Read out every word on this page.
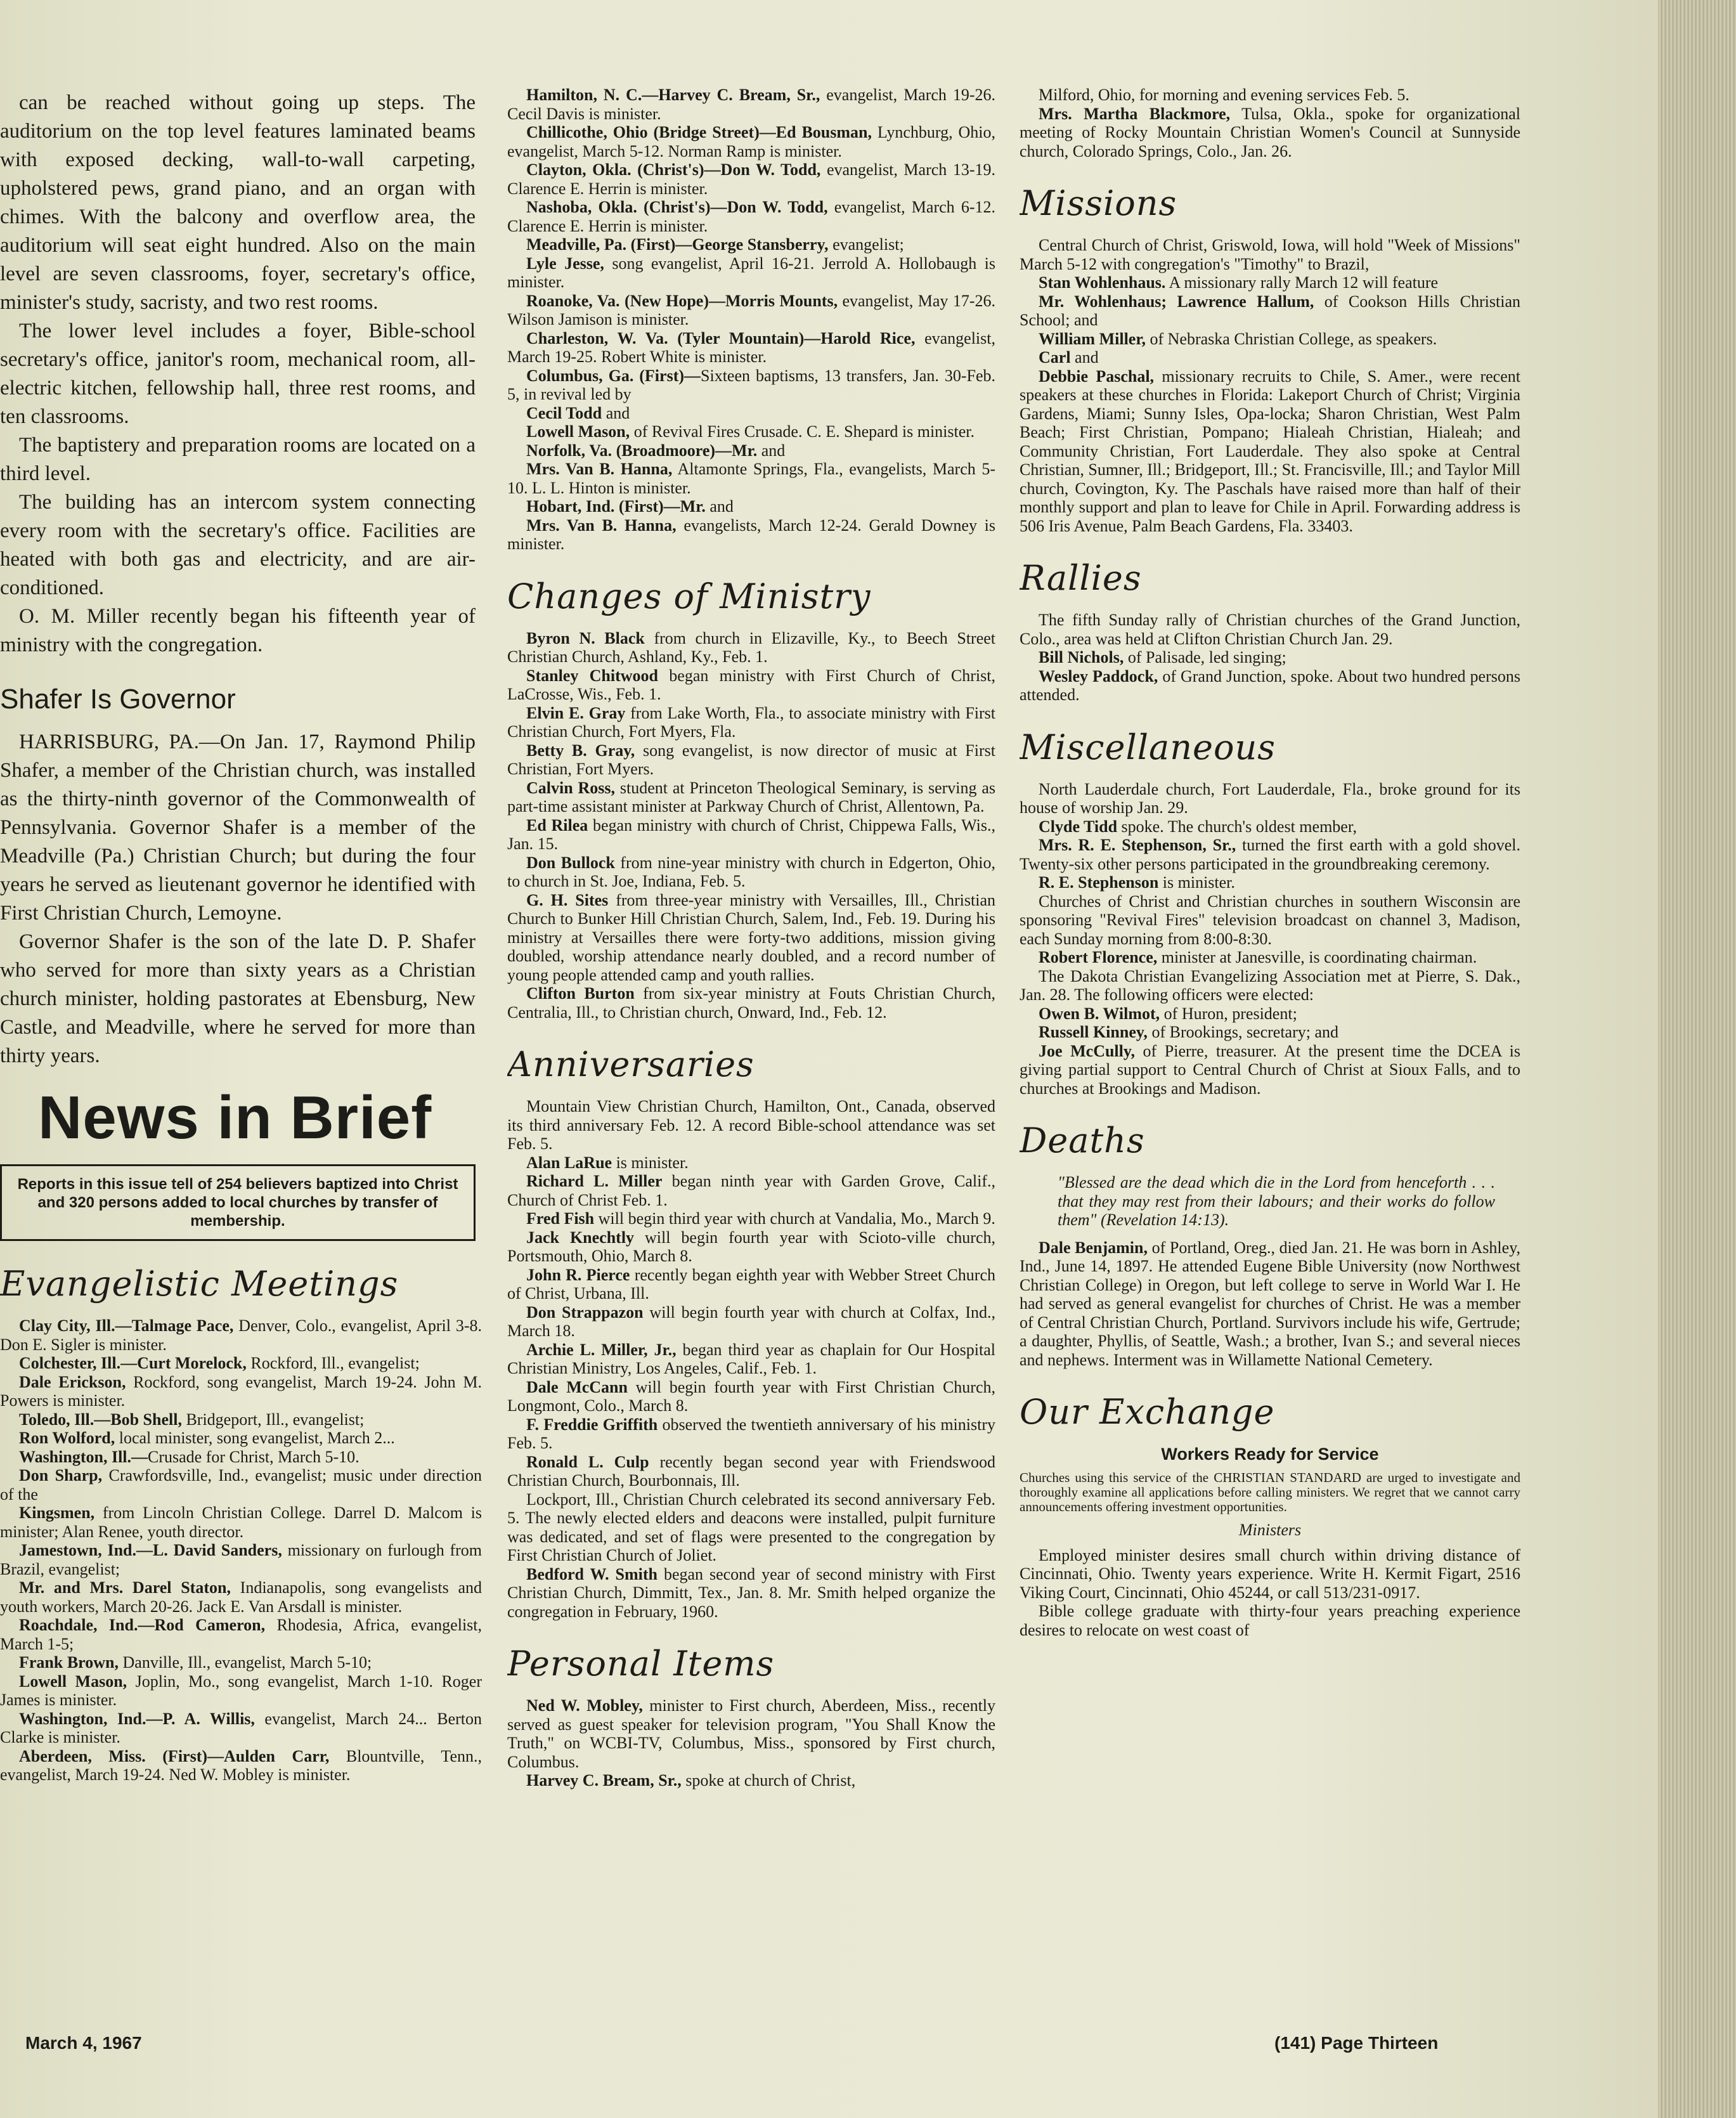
can be reached without going up steps. The auditorium on the top level features laminated beams with exposed decking, wall-to-wall carpeting, upholstered pews, grand piano, and an organ with chimes. With the balcony and overflow area, the auditorium will seat eight hundred. Also on the main level are seven classrooms, foyer, secretary's office, minister's study, sacristy, and two rest rooms.

The lower level includes a foyer, Bible-school secretary's office, janitor's room, mechanical room, all-electric kitchen, fellowship hall, three rest rooms, and ten classrooms.

The baptistery and preparation rooms are located on a third level.

The building has an intercom system connecting every room with the secretary's office. Facilities are heated with both gas and electricity, and are air-conditioned.

O. M. Miller recently began his fifteenth year of ministry with the congregation.

Shafer Is Governor

HARRISBURG, PA.—On Jan. 17, Raymond Philip Shafer, a member of the Christian church, was installed as the thirty-ninth governor of the Commonwealth of Pennsylvania. Governor Shafer is a member of the Meadville (Pa.) Christian Church; but during the four years he served as lieutenant governor he identified with First Christian Church, Lemoyne.

Governor Shafer is the son of the late D. P. Shafer who served for more than sixty years as a Christian church minister, holding pastorates at Ebensburg, New Castle, and Meadville, where he served for more than thirty years.

News in Brief
Reports in this issue tell of 254 believers baptized into Christ and 320 persons added to local churches by transfer of membership.
Evangelistic Meetings

Clay City, Ill.—Talmage Pace, Denver, Colo., evangelist, April 3-8. Don E. Sigler is minister.

Colchester, Ill.—Curt Morelock, Rockford, Ill., evangelist;

Dale Erickson, Rockford, song evangelist, March 19-24. John M. Powers is minister.

Toledo, Ill.—Bob Shell, Bridgeport, Ill., evangelist;

Ron Wolford, local minister, song evangelist, March 2...

Washington, Ill.—Crusade for Christ, March 5-10.

Don Sharp, Crawfordsville, Ind., evangelist; music under direction of the

Kingsmen, from Lincoln Christian College. Darrel D. Malcom is minister; Alan Renee, youth director.

Jamestown, Ind.—L. David Sanders, missionary on furlough from Brazil, evangelist;

Mr. and Mrs. Darel Staton, Indianapolis, song evangelists and youth workers, March 20-26. Jack E. Van Arsdall is minister.

Roachdale, Ind.—Rod Cameron, Rhodesia, Africa, evangelist, March 1-5;

Frank Brown, Danville, Ill., evangelist, March 5-10;

Lowell Mason, Joplin, Mo., song evangelist, March 1-10. Roger James is minister.

Washington, Ind.—P. A. Willis, evangelist, March 24... Berton Clarke is minister.

Aberdeen, Miss. (First)—Aulden Carr, Blountville, Tenn., evangelist, March 19-24. Ned W. Mobley is minister.

Hamilton, N. C.—Harvey C. Bream, Sr., evangelist, March 19-26. Cecil Davis is minister.

Chillicothe, Ohio (Bridge Street)—Ed Bousman, Lynchburg, Ohio, evangelist, March 5-12. Norman Ramp is minister.

Clayton, Okla. (Christ's)—Don W. Todd, evangelist, March 13-19. Clarence E. Herrin is minister.

Nashoba, Okla. (Christ's)—Don W. Todd, evangelist, March 6-12. Clarence E. Herrin is minister.

Meadville, Pa. (First)—George Stansberry, evangelist;

Lyle Jesse, song evangelist, April 16-21. Jerrold A. Hollobaugh is minister.

Roanoke, Va. (New Hope)—Morris Mounts, evangelist, May 17-26. Wilson Jamison is minister.

Charleston, W. Va. (Tyler Mountain)—Harold Rice, evangelist, March 19-25. Robert White is minister.

Columbus, Ga. (First)—Sixteen baptisms, 13 transfers, Jan. 30-Feb. 5, in revival led by

Cecil Todd and

Lowell Mason, of Revival Fires Crusade. C. E. Shepard is minister.

Norfolk, Va. (Broadmoore)—Mr. and

Mrs. Van B. Hanna, Altamonte Springs, Fla., evangelists, March 5-10. L. L. Hinton is minister.

Hobart, Ind. (First)—Mr. and

Mrs. Van B. Hanna, evangelists, March 12-24. Gerald Downey is minister.

Changes of Ministry

Byron N. Black from church in Elizaville, Ky., to Beech Street Christian Church, Ashland, Ky., Feb. 1.

Stanley Chitwood began ministry with First Church of Christ, LaCrosse, Wis., Feb. 1.

Elvin E. Gray from Lake Worth, Fla., to associate ministry with First Christian Church, Fort Myers, Fla.

Betty B. Gray, song evangelist, is now director of music at First Christian, Fort Myers.

Calvin Ross, student at Princeton Theological Seminary, is serving as part-time assistant minister at Parkway Church of Christ, Allentown, Pa.

Ed Rilea began ministry with church of Christ, Chippewa Falls, Wis., Jan. 15.

Don Bullock from nine-year ministry with church in Edgerton, Ohio, to church in St. Joe, Indiana, Feb. 5.

G. H. Sites from three-year ministry with Versailles, Ill., Christian Church to Bunker Hill Christian Church, Salem, Ind., Feb. 19. During his ministry at Versailles there were forty-two additions, mission giving doubled, worship attendance nearly doubled, and a record number of young people attended camp and youth rallies.

Clifton Burton from six-year ministry at Fouts Christian Church, Centralia, Ill., to Christian church, Onward, Ind., Feb. 12.

Anniversaries

Mountain View Christian Church, Hamilton, Ont., Canada, observed its third anniversary Feb. 12. A record Bible-school attendance was set Feb. 5.

Alan LaRue is minister.

Richard L. Miller began ninth year with Garden Grove, Calif., Church of Christ Feb. 1.

Fred Fish will begin third year with church at Vandalia, Mo., March 9.

Jack Knechtly will begin fourth year with Scioto-ville church, Portsmouth, Ohio, March 8.

John R. Pierce recently began eighth year with Webber Street Church of Christ, Urbana, Ill.

Don Strappazon will begin fourth year with church at Colfax, Ind., March 18.

Archie L. Miller, Jr., began third year as chaplain for Our Hospital Christian Ministry, Los Angeles, Calif., Feb. 1.

Dale McCann will begin fourth year with First Christian Church, Longmont, Colo., March 8.

F. Freddie Griffith observed the twentieth anniversary of his ministry Feb. 5.

Ronald L. Culp recently began second year with Friendswood Christian Church, Bourbonnais, Ill.

Lockport, Ill., Christian Church celebrated its second anniversary Feb. 5. The newly elected elders and deacons were installed, pulpit furniture was dedicated, and set of flags were presented to the congregation by First Christian Church of Joliet.

Bedford W. Smith began second year of second ministry with First Christian Church, Dimmitt, Tex., Jan. 8. Mr. Smith helped organize the congregation in February, 1960.

Personal Items

Ned W. Mobley, minister to First church, Aberdeen, Miss., recently served as guest speaker for television program, "You Shall Know the Truth," on WCBI-TV, Columbus, Miss., sponsored by First church, Columbus.

Harvey C. Bream, Sr., spoke at church of Christ,

Milford, Ohio, for morning and evening services Feb. 5.

Mrs. Martha Blackmore, Tulsa, Okla., spoke for organizational meeting of Rocky Mountain Christian Women's Council at Sunnyside church, Colorado Springs, Colo., Jan. 26.

Missions

Central Church of Christ, Griswold, Iowa, will hold "Week of Missions" March 5-12 with congregation's "Timothy" to Brazil,

Stan Wohlenhaus. A missionary rally March 12 will feature

Mr. Wohlenhaus; Lawrence Hallum, of Cookson Hills Christian School; and

William Miller, of Nebraska Christian College, as speakers.

Carl and

Debbie Paschal, missionary recruits to Chile, S. Amer., were recent speakers at these churches in Florida: Lakeport Church of Christ; Virginia Gardens, Miami; Sunny Isles, Opa-locka; Sharon Christian, West Palm Beach; First Christian, Pompano; Hialeah Christian, Hialeah; and Community Christian, Fort Lauderdale. They also spoke at Central Christian, Sumner, Ill.; Bridgeport, Ill.; St. Francisville, Ill.; and Taylor Mill church, Covington, Ky. The Paschals have raised more than half of their monthly support and plan to leave for Chile in April. Forwarding address is 506 Iris Avenue, Palm Beach Gardens, Fla. 33403.

Rallies

The fifth Sunday rally of Christian churches of the Grand Junction, Colo., area was held at Clifton Christian Church Jan. 29.

Bill Nichols, of Palisade, led singing;

Wesley Paddock, of Grand Junction, spoke. About two hundred persons attended.

Miscellaneous

North Lauderdale church, Fort Lauderdale, Fla., broke ground for its house of worship Jan. 29.

Clyde Tidd spoke. The church's oldest member,

Mrs. R. E. Stephenson, Sr., turned the first earth with a gold shovel. Twenty-six other persons participated in the groundbreaking ceremony.

R. E. Stephenson is minister.

Churches of Christ and Christian churches in southern Wisconsin are sponsoring "Revival Fires" television broadcast on channel 3, Madison, each Sunday morning from 8:00-8:30.

Robert Florence, minister at Janesville, is coordinating chairman.

The Dakota Christian Evangelizing Association met at Pierre, S. Dak., Jan. 28. The following officers were elected:

Owen B. Wilmot, of Huron, president;

Russell Kinney, of Brookings, secretary; and

Joe McCully, of Pierre, treasurer. At the present time the DCEA is giving partial support to Central Church of Christ at Sioux Falls, and to churches at Brookings and Madison.

Deaths

"Blessed are the dead which die in the Lord from henceforth . . . that they may rest from their labours; and their works do follow them" (Revelation 14:13).

Dale Benjamin, of Portland, Oreg., died Jan. 21. He was born in Ashley, Ind., June 14, 1897. He attended Eugene Bible University (now Northwest Christian College) in Oregon, but left college to serve in World War I. He had served as general evangelist for churches of Christ. He was a member of Central Christian Church, Portland. Survivors include his wife, Gertrude; a daughter, Phyllis, of Seattle, Wash.; a brother, Ivan S.; and several nieces and nephews. Interment was in Willamette National Cemetery.

Our Exchange
Workers Ready for Service
Churches using this service of the CHRISTIAN STANDARD are urged to investigate and thoroughly examine all applications before calling ministers. We regret that we cannot carry announcements offering investment opportunities.
Ministers

Employed minister desires small church within driving distance of Cincinnati, Ohio. Twenty years experience. Write H. Kermit Figart, 2516 Viking Court, Cincinnati, Ohio 45244, or call 513/231-0917.

Bible college graduate with thirty-four years preaching experience desires to relocate on west coast of

March 4, 1967	(141) Page Thirteen
